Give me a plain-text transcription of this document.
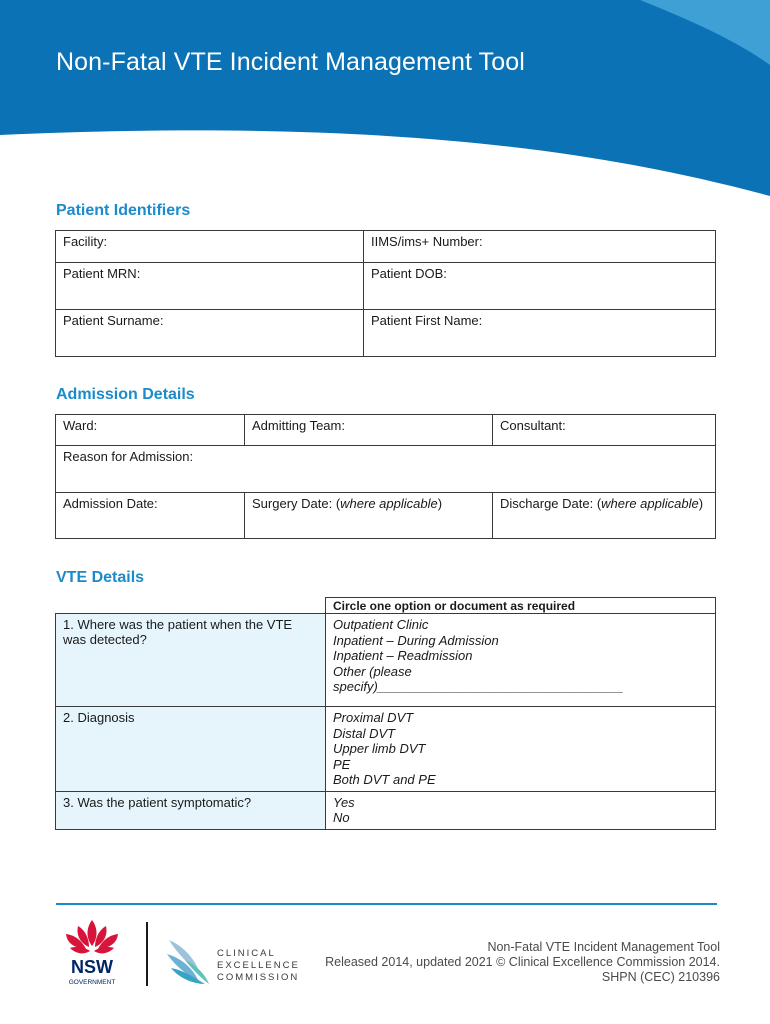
Non-Fatal VTE Incident Management Tool
Patient Identifiers
Facility:	IIMS/ims+ Number:
Patient MRN:	Patient DOB:
Patient Surname:	Patient First Name:
Admission Details
Ward:	Admitting Team:	Consultant:
Reason for Admission:		
Admission Date:	Surgery Date: (where applicable)	Discharge Date: (where applicable)
VTE Details
Circle one option or document as required
1. Where was the patient when the VTE was detected?	Outpatient Clinic
Inpatient – During Admission
Inpatient – Readmission
Other (please
specify)__________________________________

2. Diagnosis	Proximal DVT
Distal DVT
Upper limb DVT
PE
Both DVT and PE

3. Was the patient symptomatic?	Yes
No
NSW
GOVERNMENT
CLINICAL
EXCELLENCE
COMMISSION
Non-Fatal VTE Incident Management Tool
Released 2014, updated 2021 © Clinical Excellence Commission 2014.
SHPN (CEC) 210396
